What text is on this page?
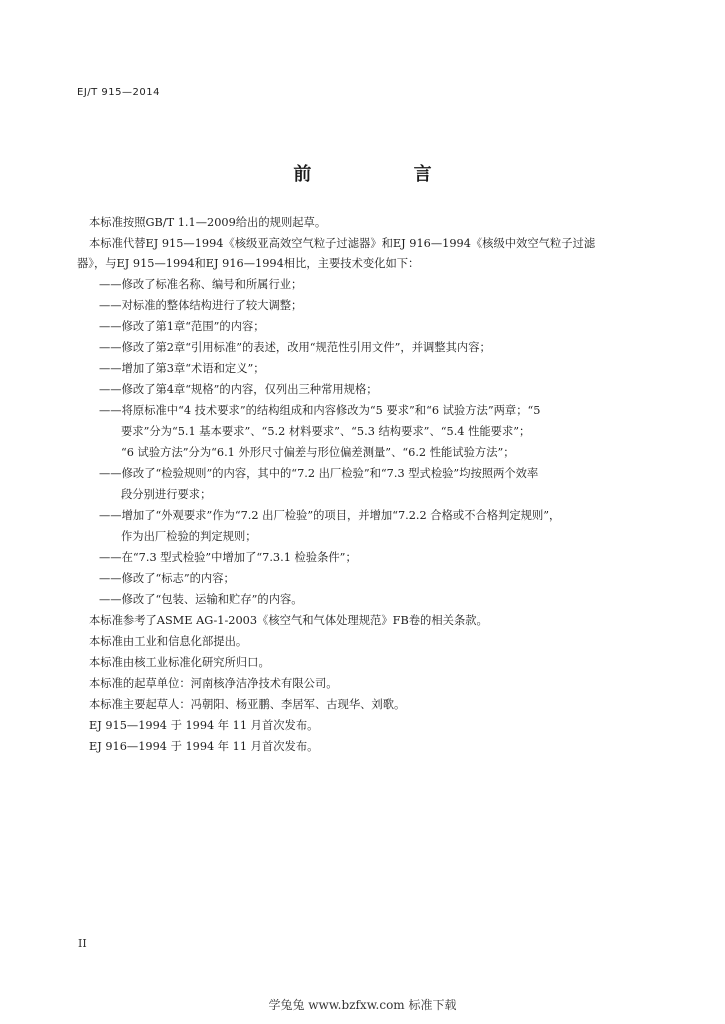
EJ/T 915—2014
前 言
本标准按照GB/T 1.1—2009给出的规则起草。
本标准代替EJ 915—1994《核级亚高效空气粒子过滤器》和EJ 916—1994《核级中效空气粒子过滤
器》，与EJ 915—1994和EJ 916—1994相比，主要技术变化如下：
——修改了标准名称、编号和所属行业；
——对标准的整体结构进行了较大调整；
——修改了第1章“范围”的内容；
——修改了第2章“引用标准”的表述，改用“规范性引用文件”，并调整其内容；
——增加了第3章“术语和定义”；
——修改了第4章“规格”的内容，仅列出三种常用规格；
——将原标准中“4 技术要求”的结构组成和内容修改为“5 要求”和“6 试验方法”两章；“5
要求”分为“5.1 基本要求”、“5.2 材料要求”、“5.3 结构要求”、“5.4 性能要求”；
“6 试验方法”分为“6.1 外形尺寸偏差与形位偏差测量”、“6.2 性能试验方法”；
——修改了“检验规则”的内容，其中的“7.2 出厂检验”和“7.3 型式检验”均按照两个效率
段分别进行要求；
——增加了“外观要求”作为“7.2 出厂检验”的项目，并增加“7.2.2 合格或不合格判定规则”，
作为出厂检验的判定规则；
——在“7.3 型式检验”中增加了“7.3.1 检验条件”；
——修改了“标志”的内容；
——修改了“包装、运输和贮存”的内容。
本标准参考了ASME AG-1-2003《核空气和气体处理规范》FB卷的相关条款。
本标准由工业和信息化部提出。
本标准由核工业标准化研究所归口。
本标准的起草单位：河南核净洁净技术有限公司。
本标准主要起草人：冯朝阳、杨亚鹏、李居军、古现华、刘歌。
EJ 915—1994 于 1994 年 11 月首次发布。
EJ 916—1994 于 1994 年 11 月首次发布。
II
学兔兔 www.bzfxw.com 标准下载
